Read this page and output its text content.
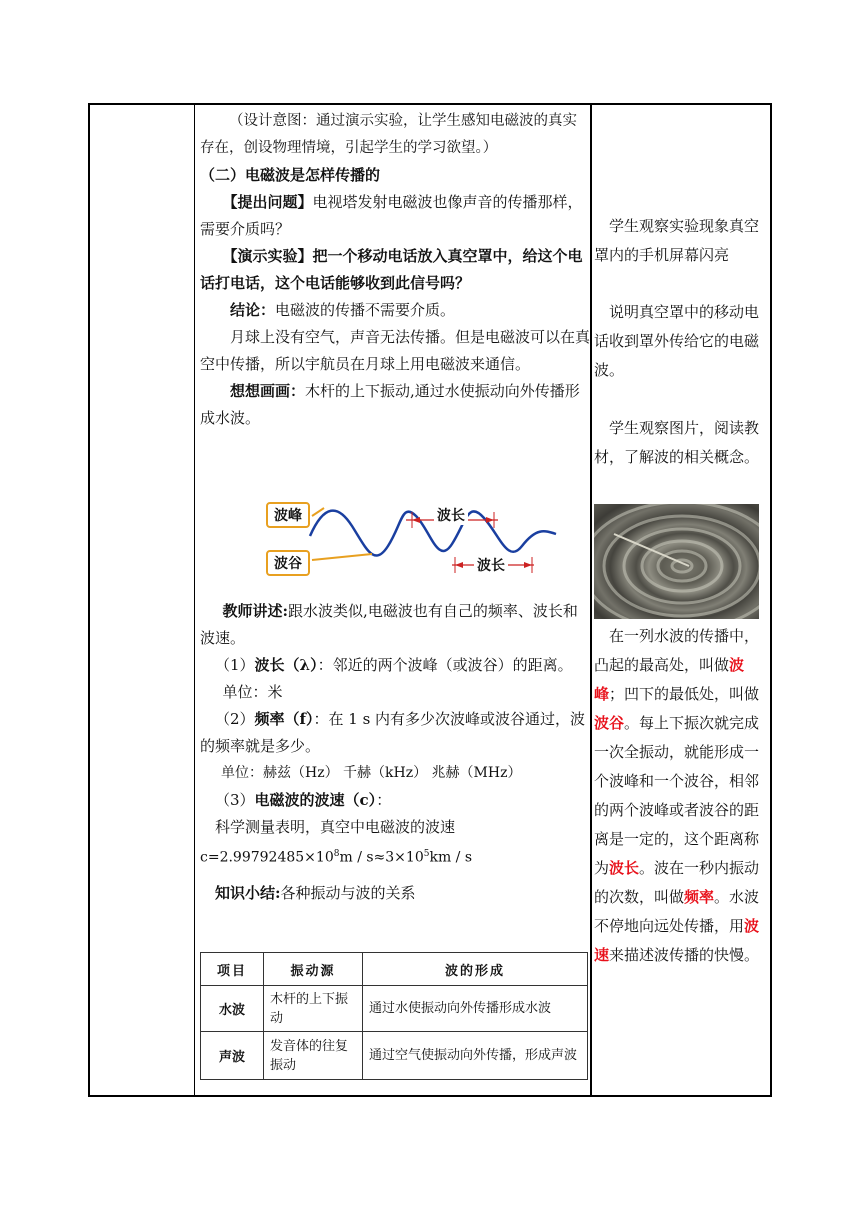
（设计意图：通过演示实验，让学生感知电磁波的真实存在，创设物理情境，引起学生的学习欲望。）

（二）电磁波是怎样传播的

【提出问题】电视塔发射电磁波也像声音的传播那样，需要介质吗？

【演示实验】把一个移动电话放入真空罩中，给这个电话打电话，这个电话能够收到此信号吗？

结论：电磁波的传播不需要介质。

月球上没有空气，声音无法传播。但是电磁波可以在真空中传播，所以宇航员在月球上用电磁波来通信。

想想画画：木杆的上下振动,通过水使振动向外传播形成水波。

波峰
波谷
波长
波长

教师讲述:跟水波类似,电磁波也有自己的频率、波长和波速。

（1）波长（λ）：邻近的两个波峰（或波谷）的距离。

单位：米

（2）频率（f）：在 1 s 内有多少次波峰或波谷通过，波的频率就是多少。

单位：赫兹（Hz） 千赫（kHz） 兆赫（MHz）

（3）电磁波的波速（c）：

科学测量表明，真空中电磁波的波速

$c=2.99792485\times 10^8m / s\approx 3\times 10^5km / s$

知识小结:各种振动与波的关系

项目	振动源	波的形成
水波	木杆的上下振动	通过水使振动向外传播形成水波
声波	发音体的往复振动	通过空气使振动向外传播，形成声波

学生观察实验现象真空罩内的手机屏幕闪亮

说明真空罩中的移动电话收到罩外传给它的电磁波。

学生观察图片，阅读教材，了解波的相关概念。

在一列水波的传播中，凸起的最高处，叫做波峰；凹下的最低处，叫做波谷。每上下振次就完成一次全振动，就能形成一个波峰和一个波谷，相邻的两个波峰或者波谷的距离是一定的，这个距离称为波长。波在一秒内振动的次数，叫做频率。水波不停地向远处传播，用波速来描述波传播的快慢。
